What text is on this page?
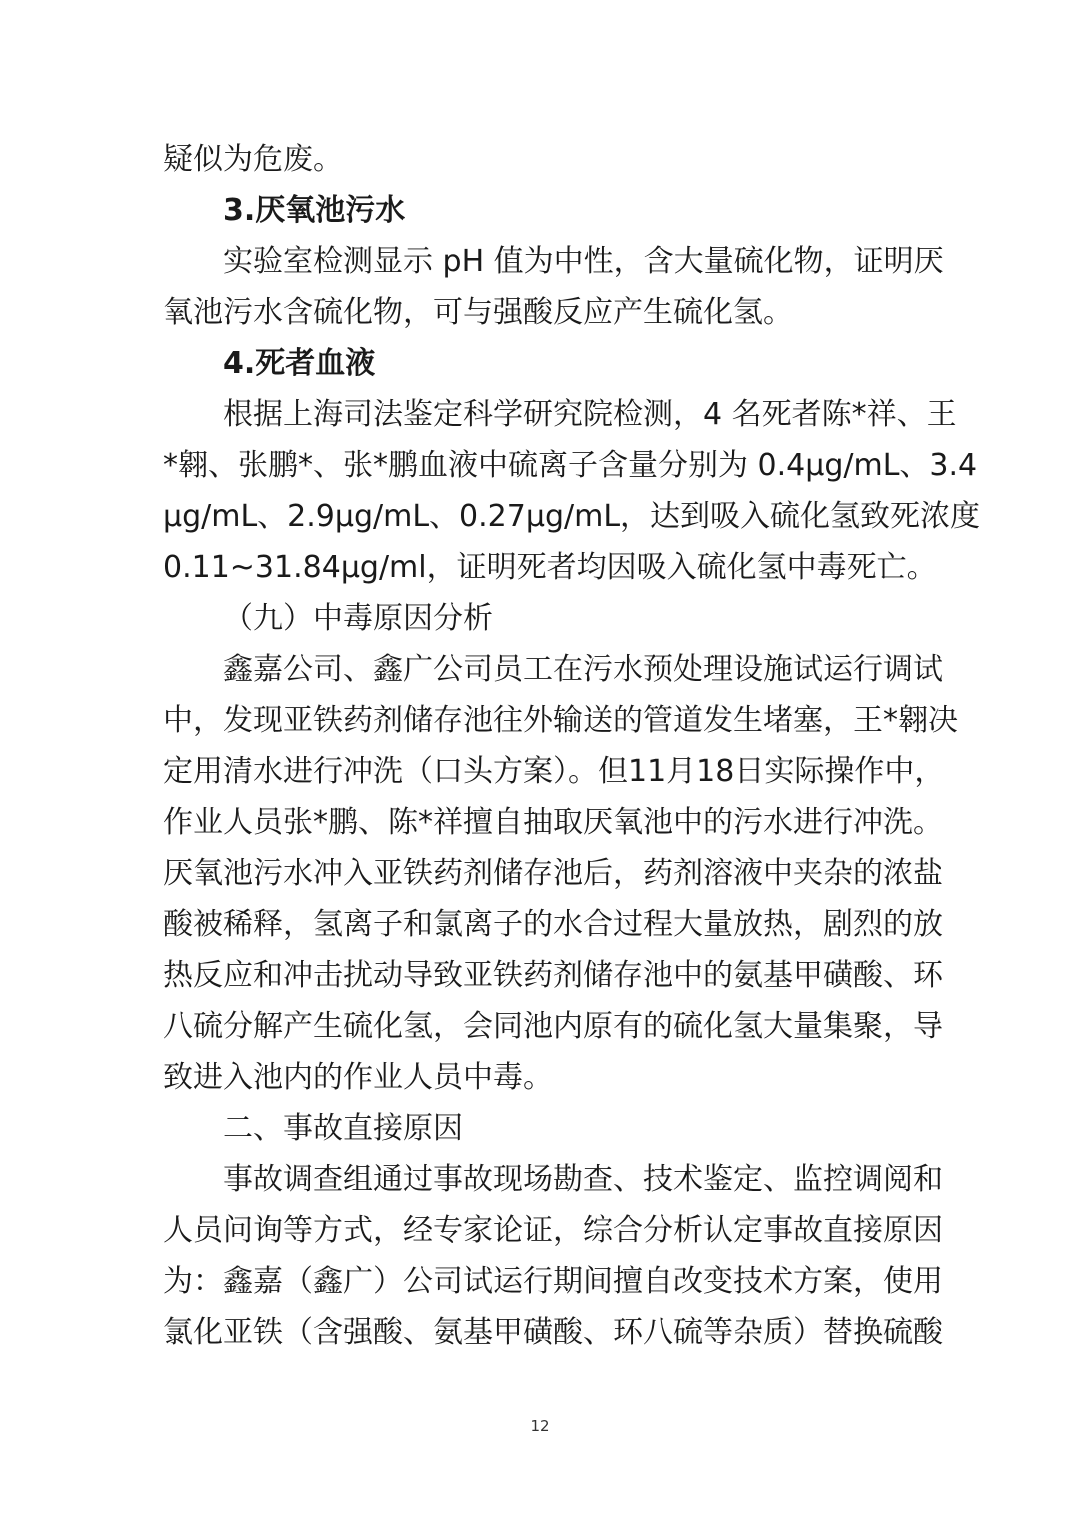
疑似为危废。
3.厌氧池污水
实验室检测显示 pH 值为中性，含大量硫化物，证明厌
氧池污水含硫化物，可与强酸反应产生硫化氢。
4.死者血液
根据上海司法鉴定科学研究院检测，4 名死者陈*祥、王
*翱、张鹏*、张*鹏血液中硫离子含量分别为 0.4μg/mL、3.4
μg/mL、2.9μg/mL、0.27μg/mL，达到吸入硫化氢致死浓度
0.11~31.84μg/ml，证明死者均因吸入硫化氢中毒死亡。
（九）中毒原因分析
鑫嘉公司、鑫广公司员工在污水预处理设施试运行调试
中，发现亚铁药剂储存池往外输送的管道发生堵塞，王*翱决
定用清水进行冲洗（口头方案）。但11月18日实际操作中，
作业人员张*鹏、陈*祥擅自抽取厌氧池中的污水进行冲洗。
厌氧池污水冲入亚铁药剂储存池后，药剂溶液中夹杂的浓盐
酸被稀释，氢离子和氯离子的水合过程大量放热，剧烈的放
热反应和冲击扰动导致亚铁药剂储存池中的氨基甲磺酸、环
八硫分解产生硫化氢，会同池内原有的硫化氢大量集聚，导
致进入池内的作业人员中毒。
二、事故直接原因
事故调查组通过事故现场勘查、技术鉴定、监控调阅和
人员问询等方式，经专家论证，综合分析认定事故直接原因
为：鑫嘉（鑫广）公司试运行期间擅自改变技术方案，使用
氯化亚铁（含强酸、氨基甲磺酸、环八硫等杂质）替换硫酸
12
